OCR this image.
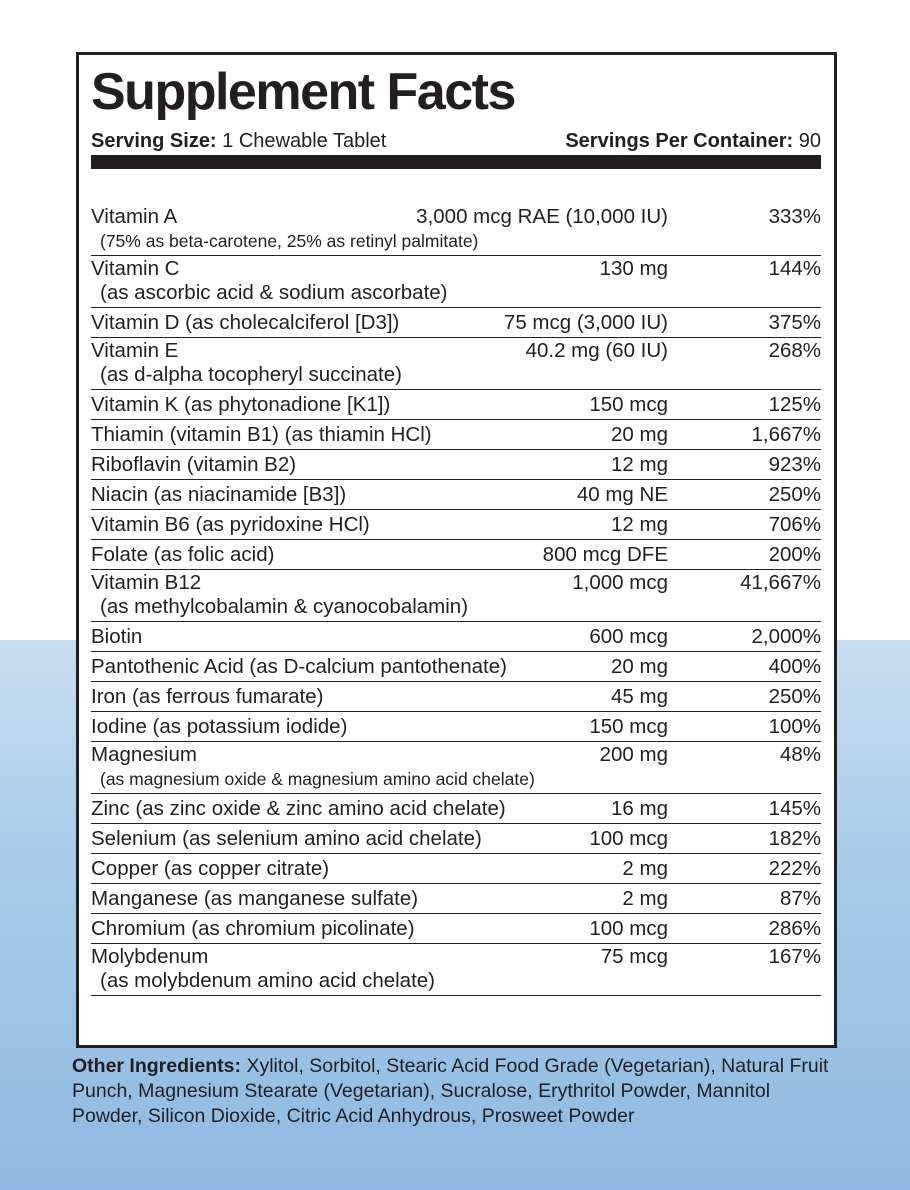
Supplement Facts
Serving Size: 1 Chewable Tablet	Servings Per Container: 90
Vitamin A	3,000 mcg RAE (10,000 IU)	333%
(75% as beta-carotene, 25% as retinyl palmitate)
Vitamin C	130 mg	144%
(as ascorbic acid & sodium ascorbate)
Vitamin D (as cholecalciferol [D3])	75 mcg (3,000 IU)	375%
Vitamin E	40.2 mg (60 IU)	268%
(as d-alpha tocopheryl succinate)
Vitamin K (as phytonadione [K1])	150 mcg	125%
Thiamin (vitamin B1) (as thiamin HCl)	20 mg	1,667%
Riboflavin (vitamin B2)	12 mg	923%
Niacin (as niacinamide [B3])	40 mg NE	250%
Vitamin B6 (as pyridoxine HCl)	12 mg	706%
Folate (as folic acid)	800 mcg DFE	200%
Vitamin B12	1,000 mcg	41,667%
(as methylcobalamin & cyanocobalamin)
Biotin	600 mcg	2,000%
Pantothenic Acid (as D-calcium pantothenate)	20 mg	400%
Iron (as ferrous fumarate)	45 mg	250%
Iodine (as potassium iodide)	150 mcg	100%
Magnesium	200 mg	48%
(as magnesium oxide & magnesium amino acid chelate)
Zinc (as zinc oxide & zinc amino acid chelate)	16 mg	145%
Selenium (as selenium amino acid chelate)	100 mcg	182%
Copper (as copper citrate)	2 mg	222%
Manganese (as manganese sulfate)	2 mg	87%
Chromium (as chromium picolinate)	100 mcg	286%
Molybdenum	75 mcg	167%
(as molybdenum amino acid chelate)
Other Ingredients: Xylitol, Sorbitol, Stearic Acid Food Grade (Vegetarian), Natural Fruit Punch, Magnesium Stearate (Vegetarian), Sucralose, Erythritol Powder, Mannitol Powder, Silicon Dioxide, Citric Acid Anhydrous, Prosweet Powder
